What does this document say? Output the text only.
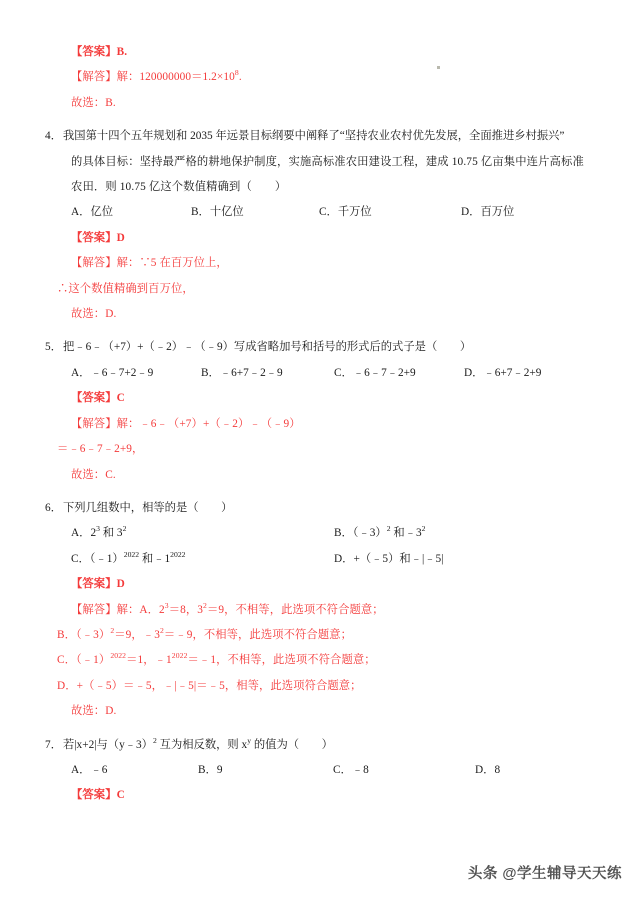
【答案】B.
【解答】解：$120000000=1.2\times 10^8$.
故选：B.
4．我国第十四个五年规划和 2035 年远景目标纲要中阐释了“坚持农业农村优先发展，全面推进乡村振兴”
的具体目标：坚持最严格的耕地保护制度，实施高标准农田建设工程，建成 10.75 亿亩集中连片高标准
农田．则 10.75 亿这个数值精确到（　　）
A．亿位	B．十亿位	C．千万位	D．百万位
【答案】D
【解答】解：∵5 在百万位上，
∴这个数值精确到百万位，
故选：D.
5．把﹣6﹣（+7）+（﹣2）﹣（﹣9）写成省略加号和括号的形式后的式子是（　　）
A．﹣6﹣7+2﹣9	B．﹣6+7﹣2﹣9	C．﹣6﹣7﹣2+9	D．﹣6+7﹣2+9
【答案】C
【解答】解：﹣6﹣（+7）+（﹣2）﹣（﹣9）
＝﹣6﹣7﹣2+9，
故选：C.
6．下列几组数中，相等的是（　　）
A．$2^3$ 和 $3^2$	B．（﹣3）$^2$ 和$﹣3^2$
C．（﹣1）$^{2022}$ 和$﹣1^{2022}$	D．+（﹣5）和﹣|﹣5|
【答案】D
【解答】解：A．$2^3=8$，$3^2=9$，不相等，此选项不符合题意；
B．（﹣3）$^2$＝9，$﹣3^2=﹣9$，不相等，此选项不符合题意；
C．（﹣1）$^{2022}$＝1，$﹣1^{2022}=﹣1$，不相等，此选项不符合题意；
D．+（﹣5）＝﹣5，﹣|﹣5|＝﹣5，相等，此选项符合题意；
故选：D.
7．若|x+2|与（y﹣3）$^2$ 互为相反数，则 $x^y$ 的值为（　　）
A．﹣6	B．9	C．﹣8	D．8
【答案】C
头条 @学生辅导天天练
